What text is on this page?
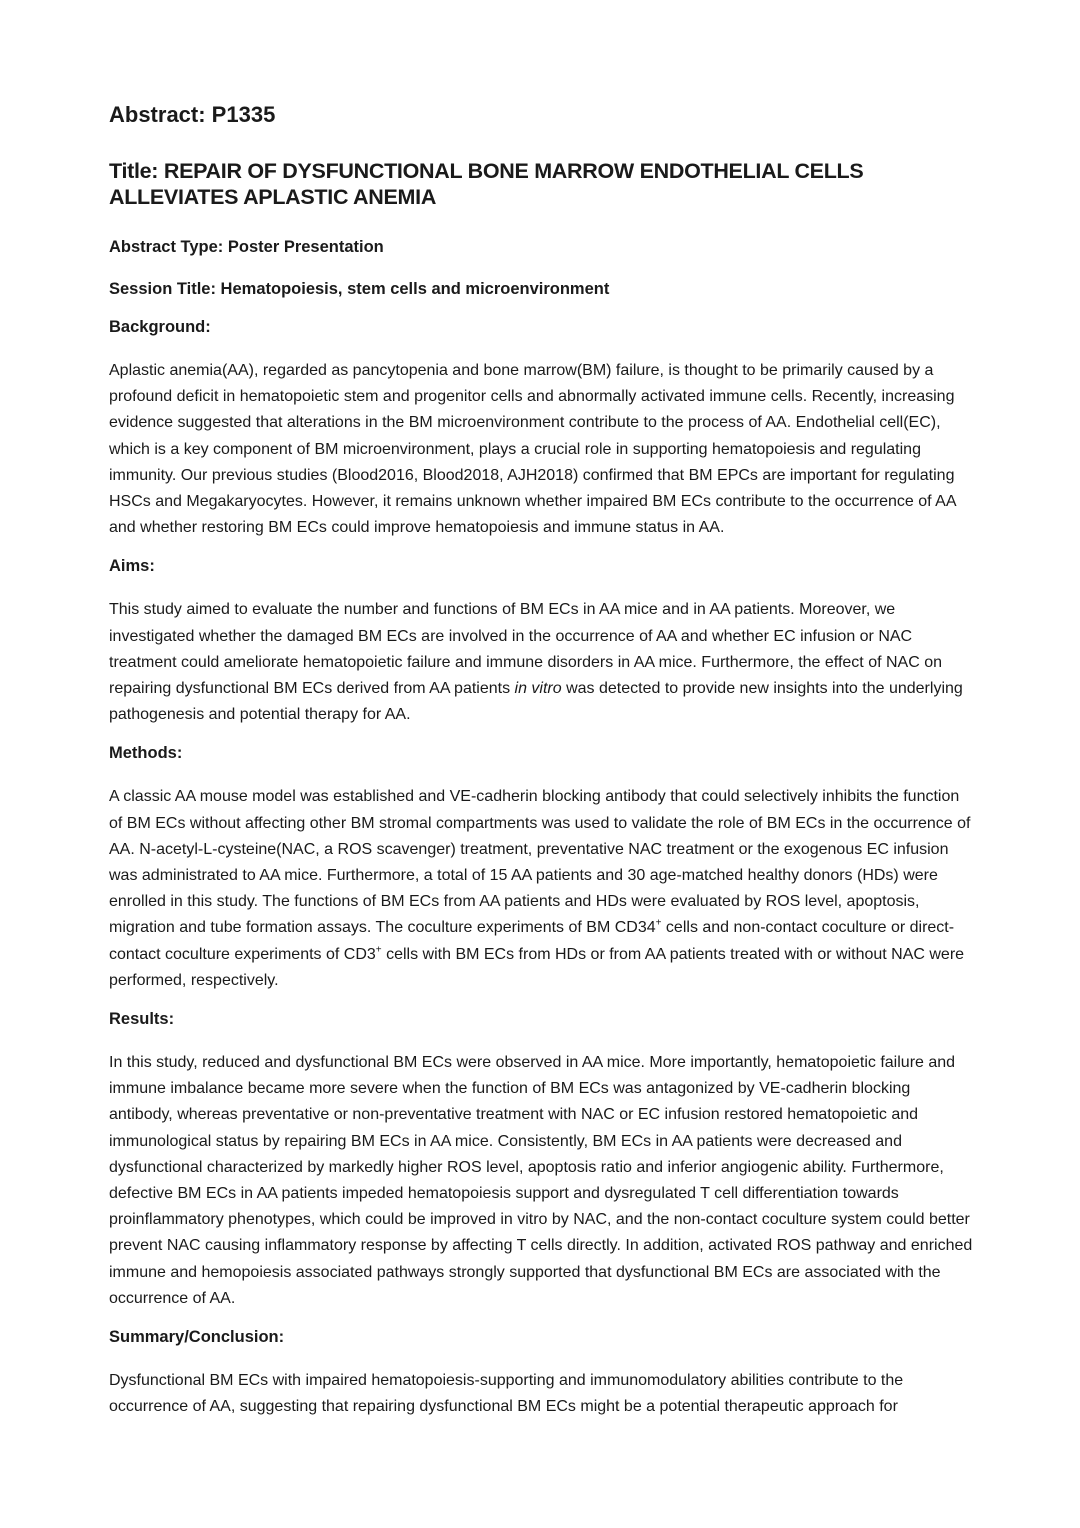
Abstract: P1335
Title: REPAIR OF DYSFUNCTIONAL BONE MARROW ENDOTHELIAL CELLS ALLEVIATES APLASTIC ANEMIA

Abstract Type: Poster Presentation

Session Title: Hematopoiesis, stem cells and microenvironment

Background:

Aplastic anemia(AA), regarded as pancytopenia and bone marrow(BM) failure, is thought to be primarily caused by a profound deficit in hematopoietic stem and progenitor cells and abnormally activated immune cells. Recently, increasing evidence suggested that alterations in the BM microenvironment contribute to the process of AA. Endothelial cell(EC), which is a key component of BM microenvironment, plays a crucial role in supporting hematopoiesis and regulating immunity. Our previous studies (Blood2016, Blood2018, AJH2018) confirmed that BM EPCs are important for regulating HSCs and Megakaryocytes. However, it remains unknown whether impaired BM ECs contribute to the occurrence of AA and whether restoring BM ECs could improve hematopoiesis and immune status in AA.

Aims:

This study aimed to evaluate the number and functions of BM ECs in AA mice and in AA patients. Moreover, we investigated whether the damaged BM ECs are involved in the occurrence of AA and whether EC infusion or NAC treatment could ameliorate hematopoietic failure and immune disorders in AA mice. Furthermore, the effect of NAC on repairing dysfunctional BM ECs derived from AA patients in vitro was detected to provide new insights into the underlying pathogenesis and potential therapy for AA.

Methods:

A classic AA mouse model was established and VE-cadherin blocking antibody that could selectively inhibits the function of BM ECs without affecting other BM stromal compartments was used to validate the role of BM ECs in the occurrence of AA. N-acetyl-L-cysteine(NAC, a ROS scavenger) treatment, preventative NAC treatment or the exogenous EC infusion was administrated to AA mice. Furthermore, a total of 15 AA patients and 30 age-matched healthy donors (HDs) were enrolled in this study. The functions of BM ECs from AA patients and HDs were evaluated by ROS level, apoptosis, migration and tube formation assays. The coculture experiments of BM CD34+ cells and non-contact coculture or direct-contact coculture experiments of CD3+ cells with BM ECs from HDs or from AA patients treated with or without NAC were performed, respectively.

Results:

In this study, reduced and dysfunctional BM ECs were observed in AA mice. More importantly, hematopoietic failure and immune imbalance became more severe when the function of BM ECs was antagonized by VE-cadherin blocking antibody, whereas preventative or non-preventative treatment with NAC or EC infusion restored hematopoietic and immunological status by repairing BM ECs in AA mice. Consistently, BM ECs in AA patients were decreased and dysfunctional characterized by markedly higher ROS level, apoptosis ratio and inferior angiogenic ability. Furthermore, defective BM ECs in AA patients impeded hematopoiesis support and dysregulated T cell differentiation towards proinflammatory phenotypes, which could be improved in vitro by NAC, and the non-contact coculture system could better prevent NAC causing inflammatory response by affecting T cells directly. In addition, activated ROS pathway and enriched immune and hemopoiesis associated pathways strongly supported that dysfunctional BM ECs are associated with the occurrence of AA.

Summary/Conclusion:

Dysfunctional BM ECs with impaired hematopoiesis-supporting and immunomodulatory abilities contribute to the occurrence of AA, suggesting that repairing dysfunctional BM ECs might be a potential therapeutic approach for
